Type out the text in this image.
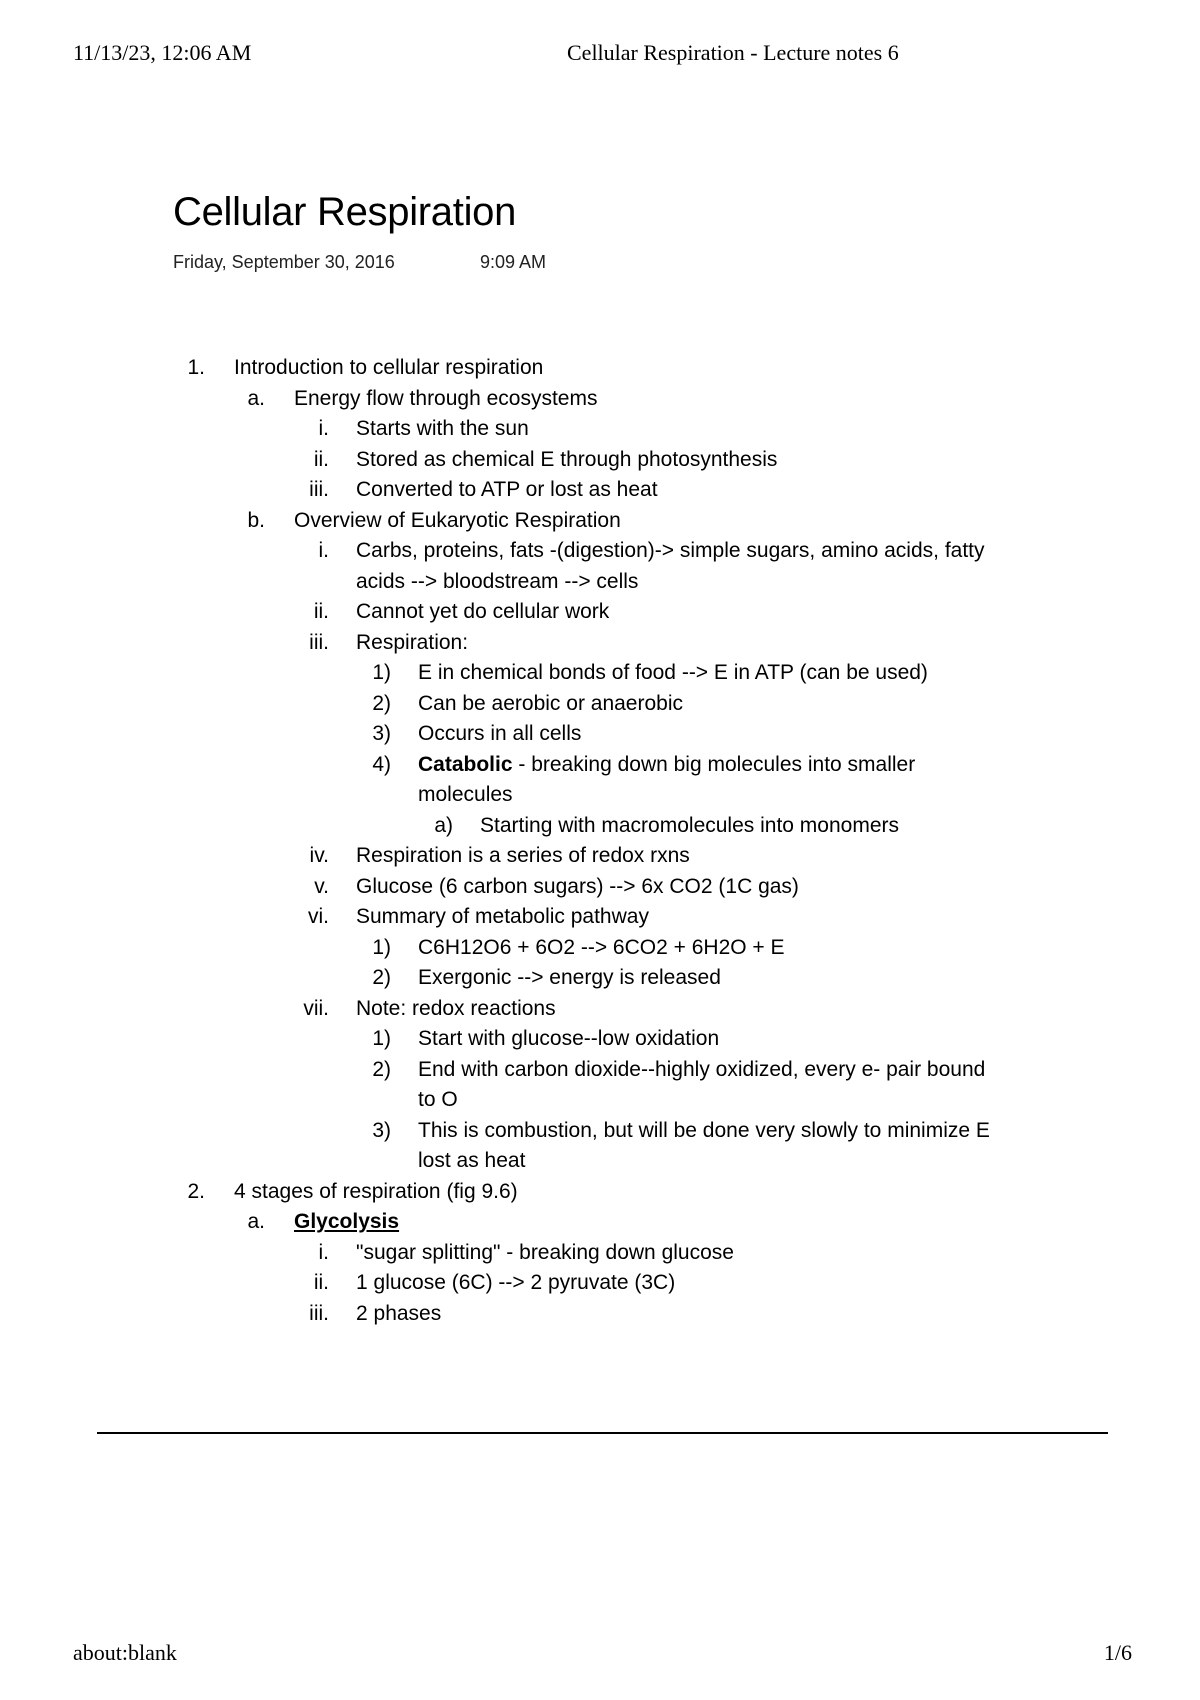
11/13/23, 12:06 AM	Cellular Respiration - Lecture notes 6
Cellular Respiration
Friday, September 30, 2016	9:09 AM
1. Introduction to cellular respiration
a. Energy flow through ecosystems
i. Starts with the sun
ii. Stored as chemical E through photosynthesis
iii. Converted to ATP or lost as heat
b. Overview of Eukaryotic Respiration
i. Carbs, proteins, fats -(digestion)-> simple sugars, amino acids, fatty
acids --> bloodstream --> cells
ii. Cannot yet do cellular work
iii. Respiration:
1) E in chemical bonds of food --> E in ATP (can be used)
2) Can be aerobic or anaerobic
3) Occurs in all cells
4) Catabolic - breaking down big molecules into smaller
molecules
a) Starting with macromolecules into monomers
iv. Respiration is a series of redox rxns
v. Glucose (6 carbon sugars) --> 6x CO2 (1C gas)
vi. Summary of metabolic pathway
1) C6H12O6 + 6O2 --> 6CO2 + 6H2O + E
2) Exergonic --> energy is released
vii. Note: redox reactions
1) Start with glucose--low oxidation
2) End with carbon dioxide--highly oxidized, every e- pair bound
to O
3) This is combustion, but will be done very slowly to minimize E
lost as heat
2. 4 stages of respiration (fig 9.6)
a. Glycolysis
i. "sugar splitting" - breaking down glucose
ii. 1 glucose (6C) --> 2 pyruvate (3C)
iii. 2 phases
about:blank	1/6
